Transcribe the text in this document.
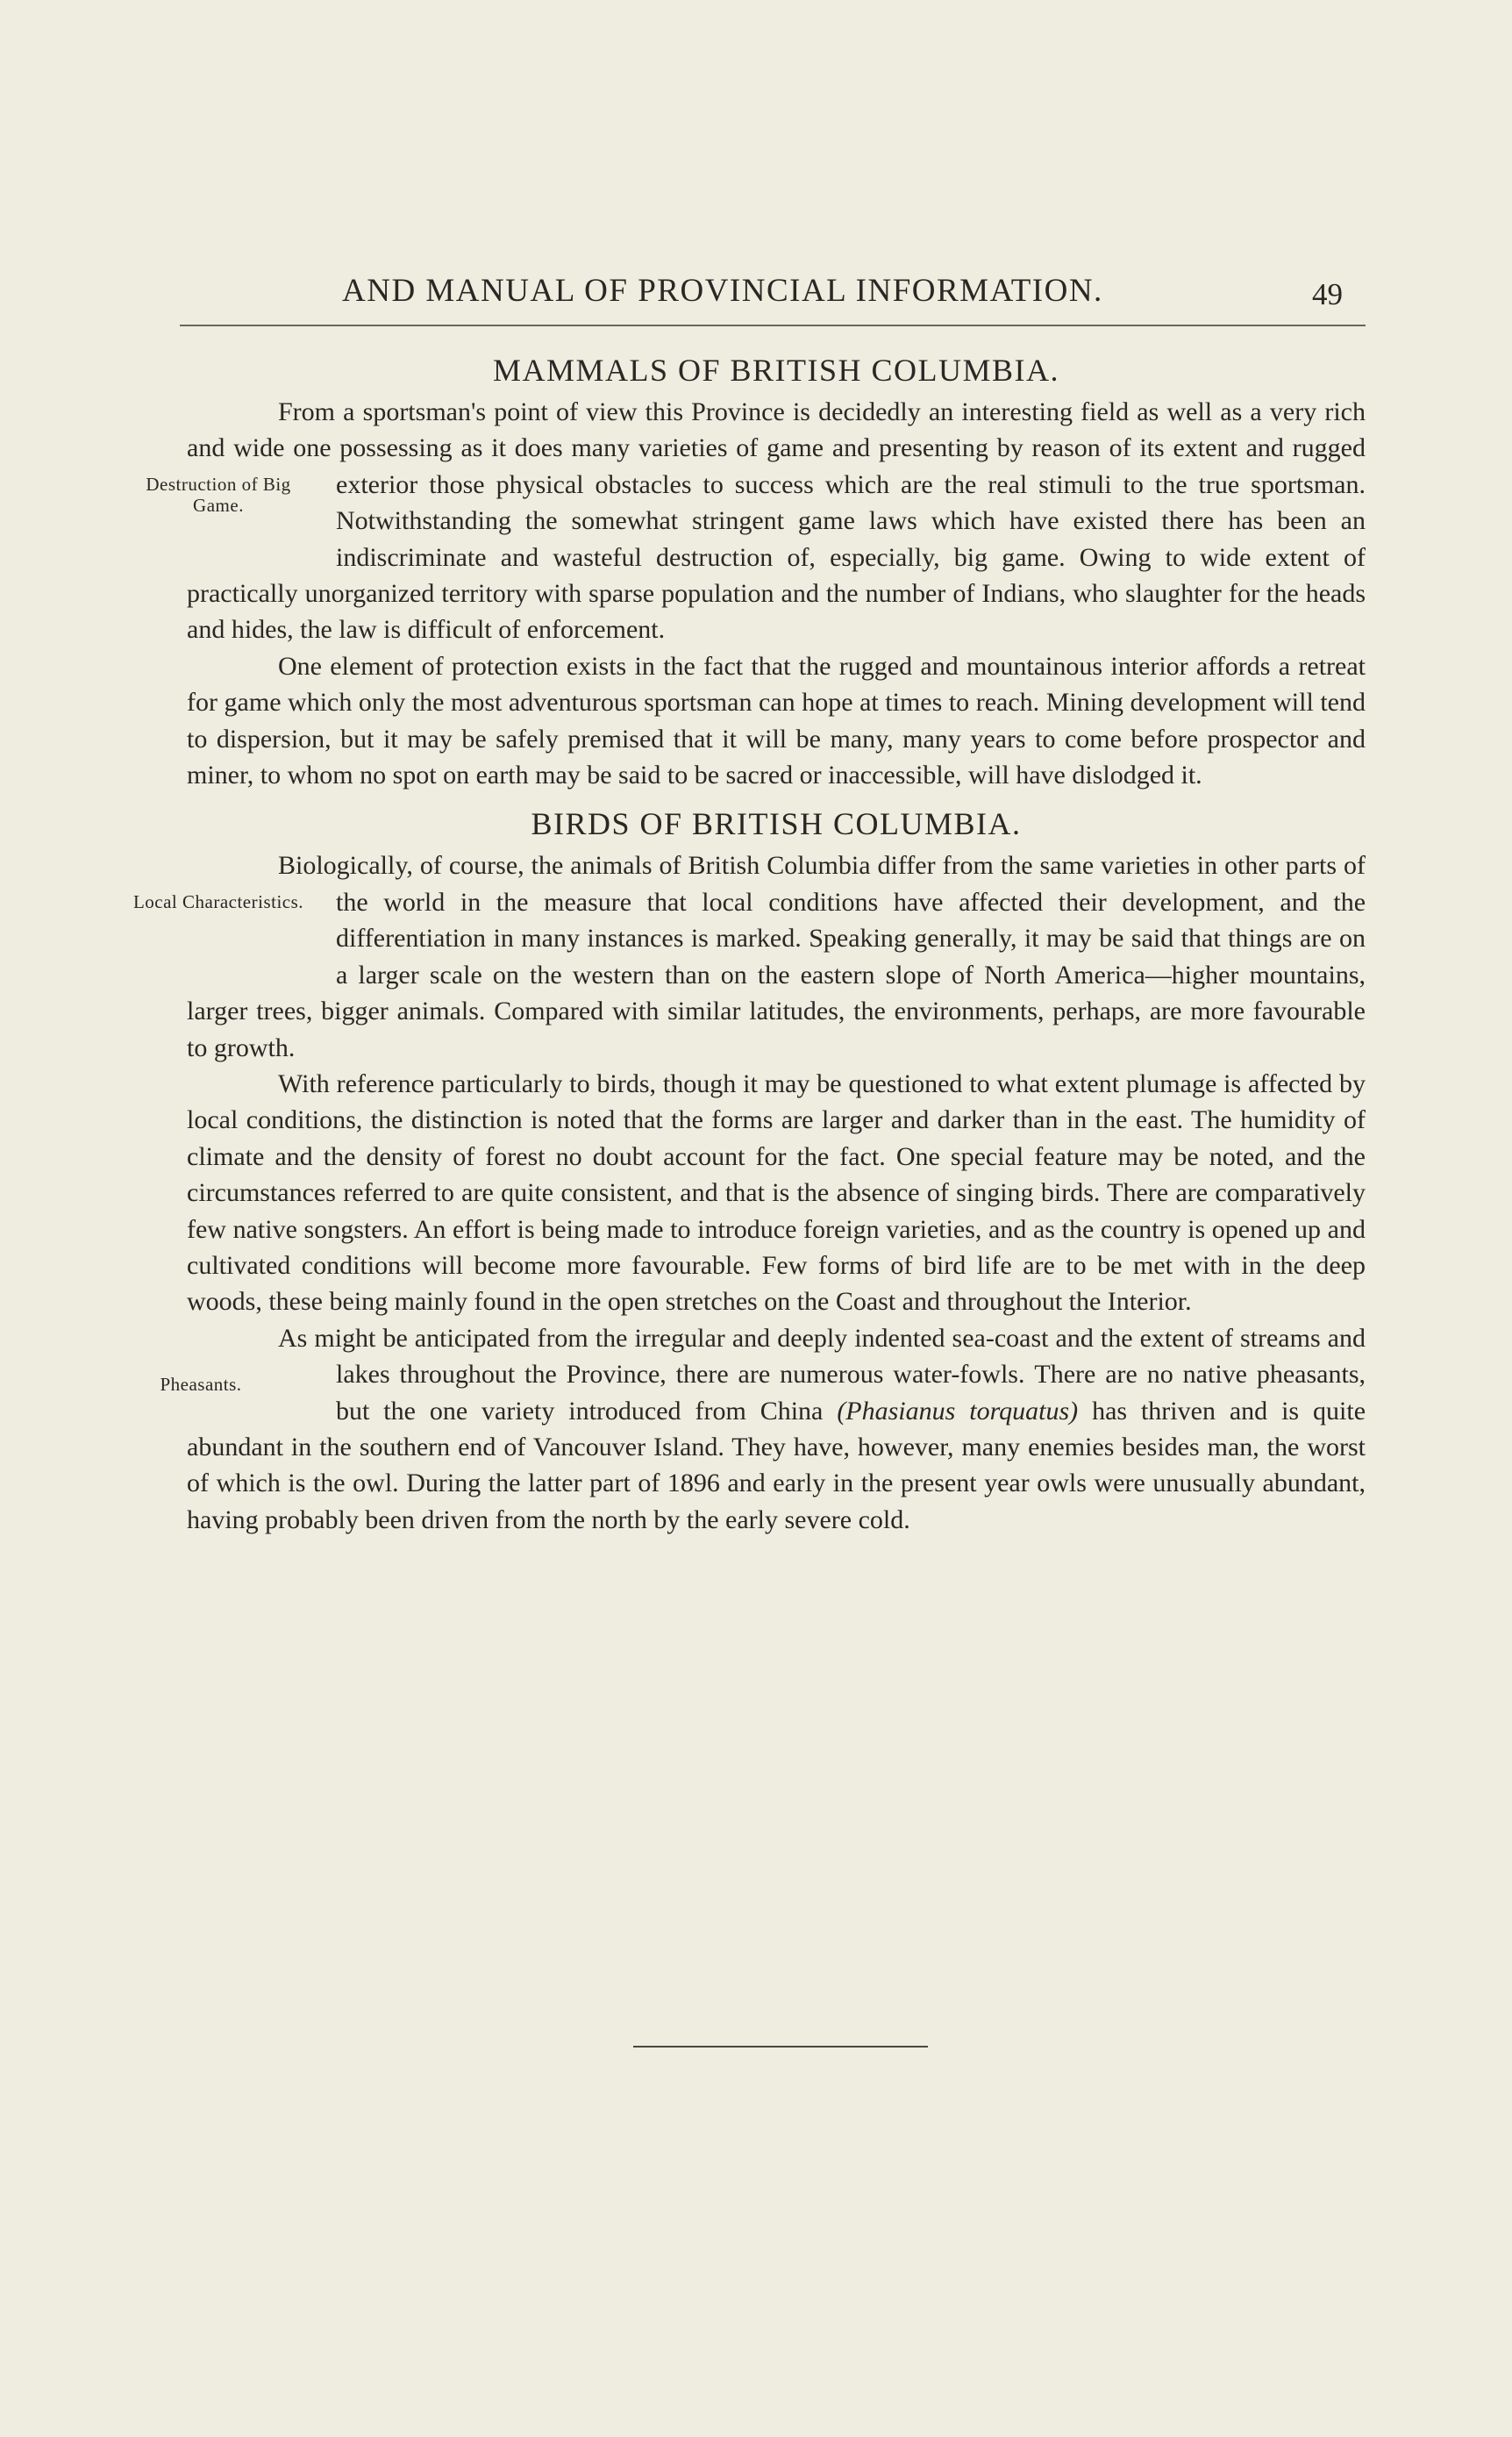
AND MANUAL OF PROVINCIAL INFORMATION.	49
MAMMALS OF BRITISH COLUMBIA.

From a sportsman's point of view this Province is decidedly an interesting field as well as a very rich and wide one possessing as it does many varieties of game and presenting by reason of its extent and rugged exterior those physical obstacles to success which are the real
Destruction of Big Game.
stimuli to the true sportsman. Notwithstanding the somewhat stringent game laws which have existed there has been an indiscriminate and wasteful destruction of, especially, big game. Owing to wide extent of practically unorganized territory with sparse population and the number of Indians, who slaughter for the heads and hides, the law is difficult of enforcement.

One element of protection exists in the fact that the rugged and mountainous interior affords a retreat for game which only the most adventurous sportsman can hope at times to reach. Mining development will tend to dispersion, but it may be safely premised that it will be many, many years to come before prospector and miner, to whom no spot on earth may be said to be sacred or inaccessible, will have dislodged it.

BIRDS OF BRITISH COLUMBIA.

Biologically, of course, the animals of British Columbia differ from the same varieties in other parts of the world in the measure that local conditions have
Local Characteristics.	affected their development, and the differentiation in many instances is marked. Speaking generally, it may be said that things are on a larger scale on the western than on the eastern slope of North America—higher mountains, larger trees, bigger animals. Compared with similar latitudes, the environments, perhaps, are more favourable to growth.

With reference particularly to birds, though it may be questioned to what extent plumage is affected by local conditions, the distinction is noted that the forms are larger and darker than in the east. The humidity of climate and the density of forest no doubt account for the fact. One special feature may be noted, and the circumstances referred to are quite consistent, and that is the absence of singing birds. There are comparatively few native songsters. An effort is being made to introduce foreign varieties, and as the country is opened up and cultivated conditions will become more favourable. Few forms of bird life are to be met with in the deep woods, these being mainly found in the open stretches on the Coast and throughout the Interior.

As might be anticipated from the irregular and deeply indented sea-coast and the extent of streams and lakes throughout the Province, there are numerous water-fowls.
Pheasants.	There are no native pheasants, but the one variety introduced from China (Phasianus torquatus) has thriven and is quite abundant in the southern end of Vancouver Island. They have, however, many enemies besides man, the worst of which is the owl. During the latter part of 1896 and early in the present year owls were unusually abundant, having probably been driven from the north by the early severe cold.
